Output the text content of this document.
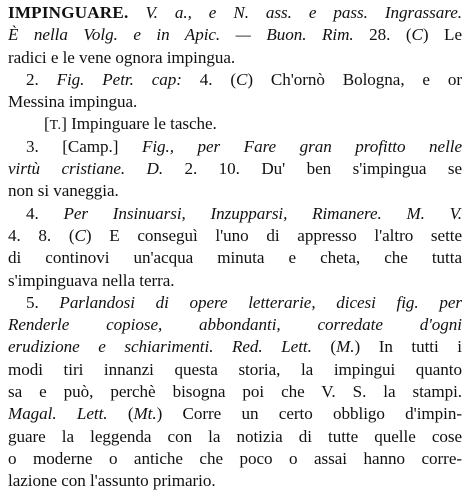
IMPINGUARE. V. a., e N. ass. e pass. Ingrassare.
È nella Volg. e in Apic. — Buon. Rim. 28. (C) Le
radici e le vene ognora impingua.
2. Fig. Petr. cap: 4. (C) Ch'ornò Bologna, e or
Messina impingua.
[T.] Impinguare le tasche.
3. [Camp.] Fig., per Fare gran profitto nelle
virtù cristiane. D. 2. 10. Du' ben s'impingua se
non si vaneggia.
4. Per Insinuarsi, Inzupparsi, Rimanere. M. V.
4. 8. (C) E conseguì l'uno di appresso l'altro sette
di continovi un'acqua minuta e cheta, che tutta
s'impinguava nella terra.
5. Parlandosi di opere letterarie, dicesi fig. per
Renderle copiose, abbondanti, corredate d'ogni
erudizione e schiarimenti. Red. Lett. (M.) In tutti i
modi tiri innanzi questa storia, la impingui quanto
sa e può, perchè bisogna poi che V. S. la stampi.
Magal. Lett. (Mt.) Corre un certo obbligo d'impin-
guare la leggenda con la notizia di tutte quelle cose
o moderne o antiche che poco o assai hanno corre-
lazione con l'assunto primario.
